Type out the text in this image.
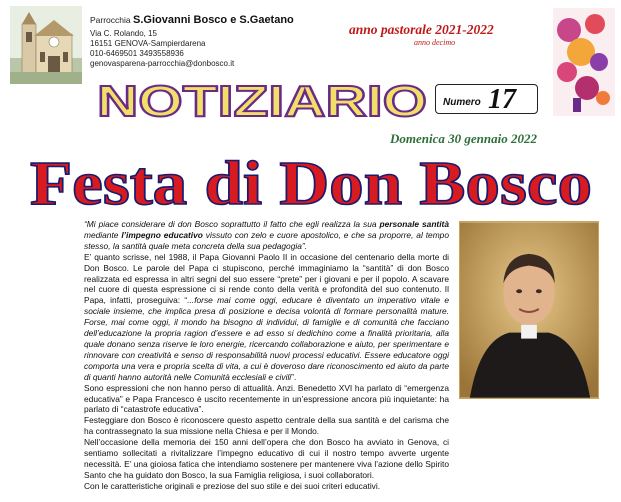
Parrocchia S.Giovanni Bosco e S.Gaetano
Via C. Rolando, 15
16151 GENOVA-Sampierdarena
010-6469501 3493558936
genovasparena-parrocchia@donbosco.it
anno pastorale 2021-2022
anno decimo
NOTIZIARIO Numero 17
Domenica 30 gennaio 2022
Festa di Don Bosco

“Mi piace considerare di don Bosco soprattutto il fatto che egli realizza la sua personale santità mediante l’impegno educativo vissuto con zelo e cuore apostolico, e che sa proporre, al tempo stesso, la santità quale meta concreta della sua pedagogia”.

E’ quanto scrisse, nel 1988, il Papa Giovanni Paolo II in occasione del centenario della morte di Don Bosco. Le parole del Papa ci stupiscono, perché immaginiamo la “santità” di don Bosco realizzata ed espressa in altri segni del suo essere “prete” per i giovani e per il popolo. A scavare nel cuore di questa espressione ci si rende conto della verità e profondità del suo contenuto. Il Papa, infatti, proseguiva: “...forse mai come oggi, educare è diventato un imperativo vitale e sociale insieme, che implica presa di posizione e decisa volontà di formare personalità mature. Forse, mai come oggi, il mondo ha bisogno di individui, di famiglie e di comunità che facciano dell’educazione la propria ragion d’essere e ad esso si dedichino come a finalità prioritaria, alla quale donano senza riserve le loro energie, ricercando collaborazione e aiuto, per sperimentare e rinnovare con creatività e senso di responsabilità nuovi processi educativi. Essere educatore oggi comporta una vera e propria scelta di vita, a cui è doveroso dare riconoscimento ed aiuto da parte di quanti hanno autorità nelle Comunità ecclesiali e civili”.

Sono espressioni che non hanno perso di attualità. Anzi. Benedetto XVI ha parlato di “emergenza educativa” e Papa Francesco è uscito recentemente in un’espressione ancora più inquietante: ha parlato di “catastrofe educativa”.

Festeggiare don Bosco è riconoscere questo aspetto centrale della sua santità e del carisma che ha contrassegnato la sua missione nella Chiesa e per il Mondo.

Nell’occasione della memoria dei 150 anni dell’opera che don Bosco ha avviato in Genova, ci sentiamo sollecitati a rivitalizzare l’impegno educativo di cui il nostro tempo avverte urgente necessità. E’ una gioiosa fatica che intendiamo sostenere per mantenere viva l’azione dello Spirito Santo che ha guidato don Bosco, la sua Famiglia religiosa, i suoi collaboratori.

Con le caratteristiche originali e preziose del suo stile e dei suoi criteri educativi.
